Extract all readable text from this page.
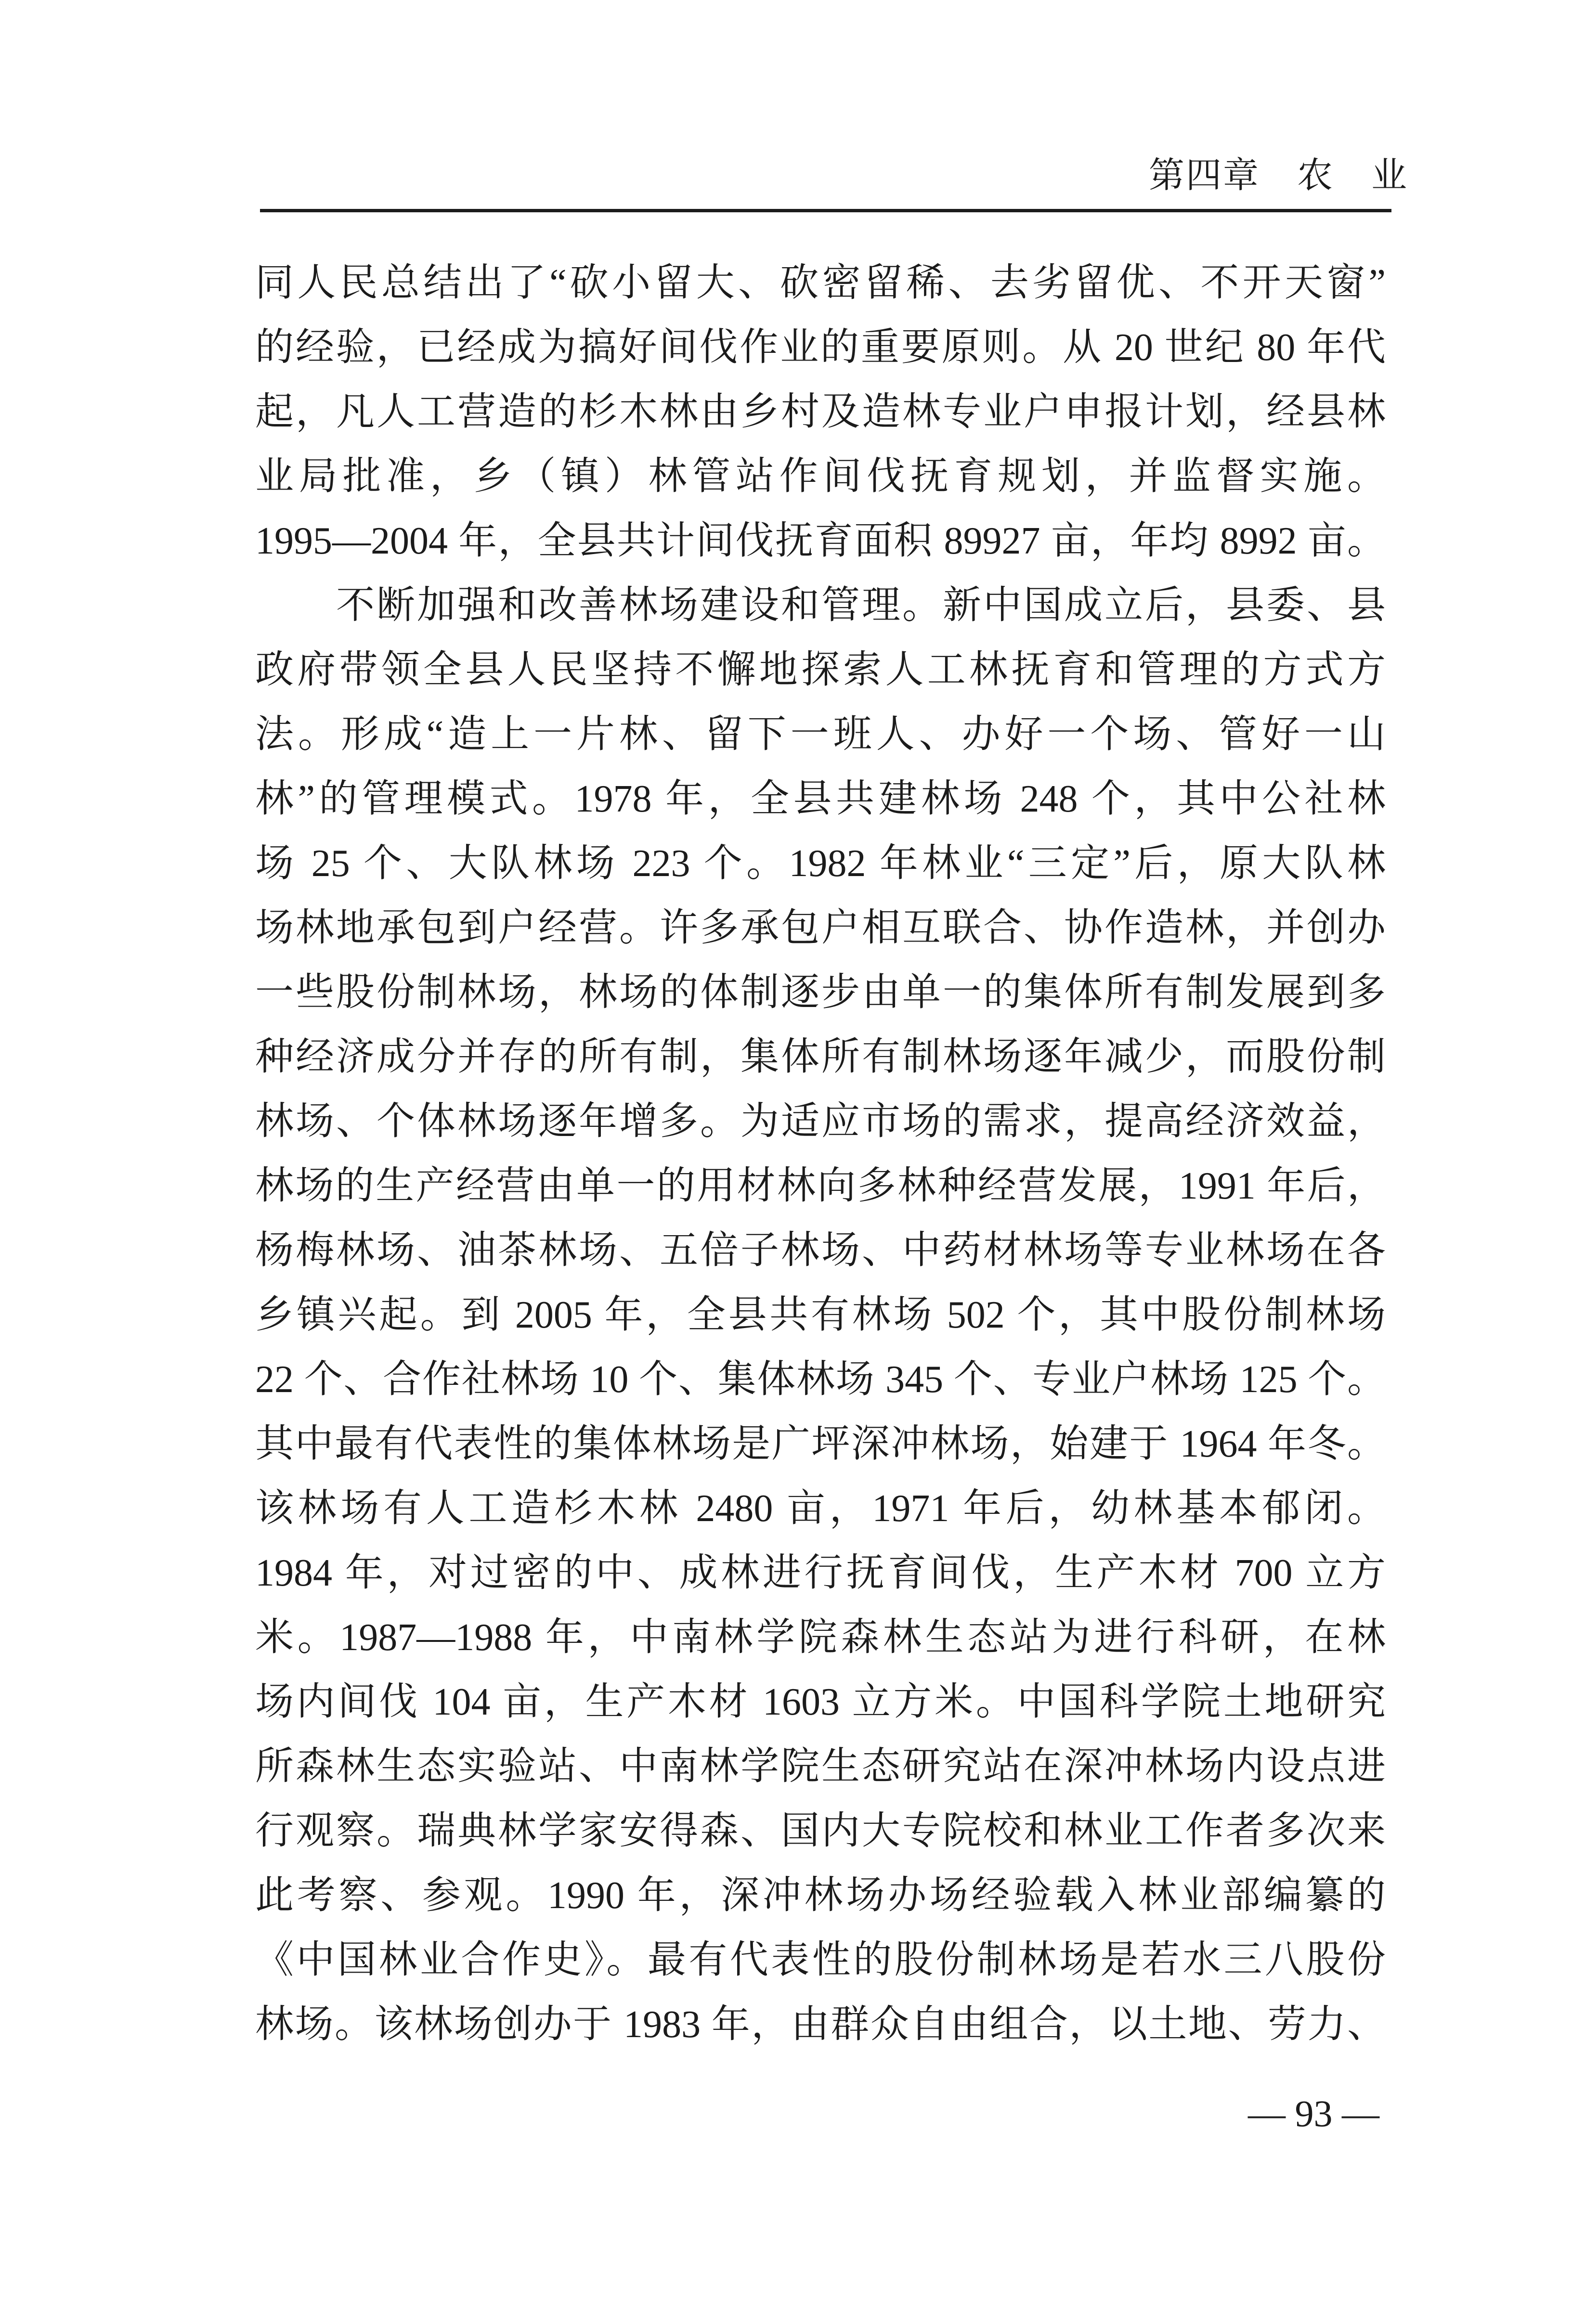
第四章　农　业
同人民总结出了“砍小留大、砍密留稀、去劣留优、不开天窗”
的经验，已经成为搞好间伐作业的重要原则。从 20 世纪 80 年代
起，凡人工营造的杉木林由乡村及造林专业户申报计划，经县林
业局批准，乡（镇）林管站作间伐抚育规划，并监督实施。
1995—2004 年，全县共计间伐抚育面积 89927 亩，年均 8992 亩。
　　不断加强和改善林场建设和管理。新中国成立后，县委、县
政府带领全县人民坚持不懈地探索人工林抚育和管理的方式方
法。形成“造上一片林、留下一班人、办好一个场、管好一山
林”的管理模式。1978 年，全县共建林场 248 个，其中公社林
场 25 个、大队林场 223 个。1982 年林业“三定”后，原大队林
场林地承包到户经营。许多承包户相互联合、协作造林，并创办
一些股份制林场，林场的体制逐步由单一的集体所有制发展到多
种经济成分并存的所有制，集体所有制林场逐年减少，而股份制
林场、个体林场逐年增多。为适应市场的需求，提高经济效益，
林场的生产经营由单一的用材林向多林种经营发展，1991 年后，
杨梅林场、油茶林场、五倍子林场、中药材林场等专业林场在各
乡镇兴起。到 2005 年，全县共有林场 502 个，其中股份制林场
22 个、合作社林场 10 个、集体林场 345 个、专业户林场 125 个。
其中最有代表性的集体林场是广坪深冲林场，始建于 1964 年冬。
该林场有人工造杉木林 2480 亩，1971 年后，幼林基本郁闭。
1984 年，对过密的中、成林进行抚育间伐，生产木材 700 立方
米。1987—1988 年，中南林学院森林生态站为进行科研，在林
场内间伐 104 亩，生产木材 1603 立方米。中国科学院土地研究
所森林生态实验站、中南林学院生态研究站在深冲林场内设点进
行观察。瑞典林学家安得森、国内大专院校和林业工作者多次来
此考察、参观。1990 年，深冲林场办场经验载入林业部编纂的
《中国林业合作史》。最有代表性的股份制林场是若水三八股份
林场。该林场创办于 1983 年，由群众自由组合，以土地、劳力、
— 93 —
